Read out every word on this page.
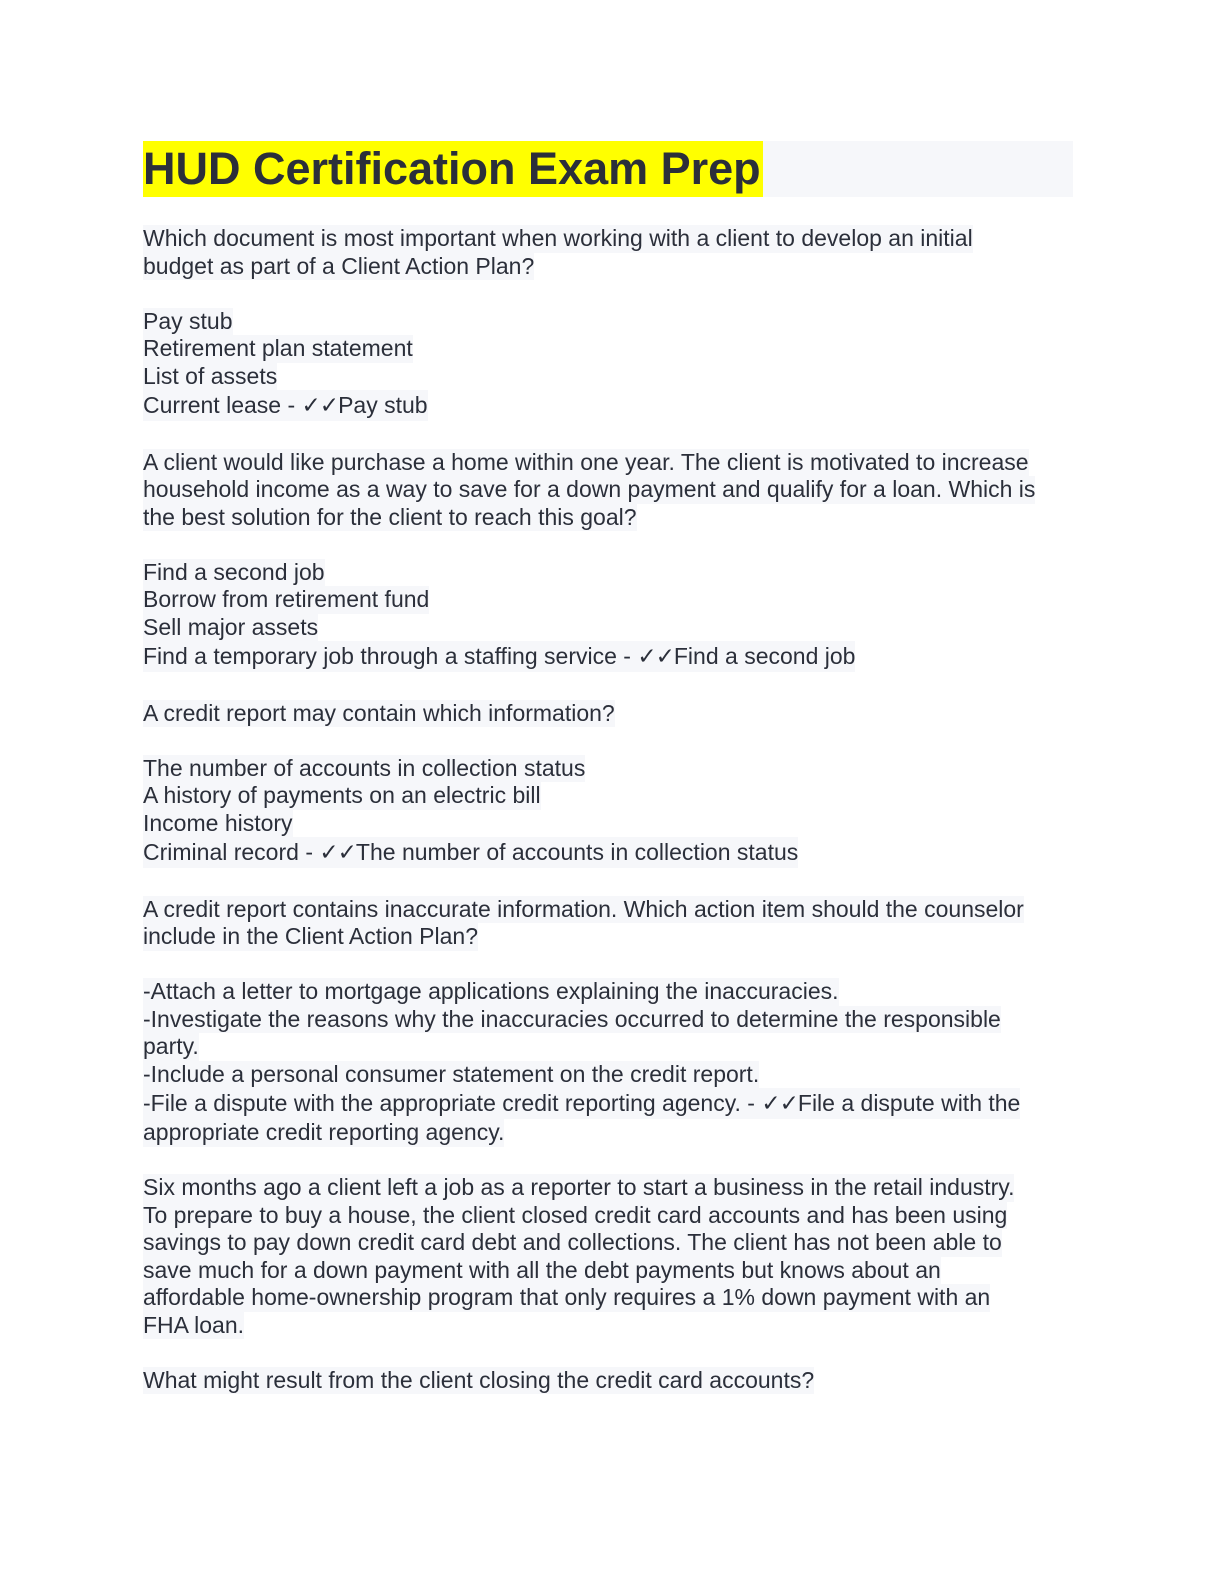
HUD Certification Exam Prep
Which document is most important when working with a client to develop an initial
budget as part of a Client Action Plan?
Pay stub
Retirement plan statement
List of assets
Current lease - ✓✓Pay stub
A client would like purchase a home within one year. The client is motivated to increase
household income as a way to save for a down payment and qualify for a loan. Which is
the best solution for the client to reach this goal?
Find a second job
Borrow from retirement fund
Sell major assets
Find a temporary job through a staffing service - ✓✓Find a second job
A credit report may contain which information?
The number of accounts in collection status
A history of payments on an electric bill
Income history
Criminal record - ✓✓The number of accounts in collection status
A credit report contains inaccurate information. Which action item should the counselor
include in the Client Action Plan?
-Attach a letter to mortgage applications explaining the inaccuracies.
-Investigate the reasons why the inaccuracies occurred to determine the responsible
party.
-Include a personal consumer statement on the credit report.
-File a dispute with the appropriate credit reporting agency. - ✓✓File a dispute with the
appropriate credit reporting agency.
Six months ago a client left a job as a reporter to start a business in the retail industry.
To prepare to buy a house, the client closed credit card accounts and has been using
savings to pay down credit card debt and collections. The client has not been able to
save much for a down payment with all the debt payments but knows about an
affordable home-ownership program that only requires a 1% down payment with an
FHA loan.
What might result from the client closing the credit card accounts?
